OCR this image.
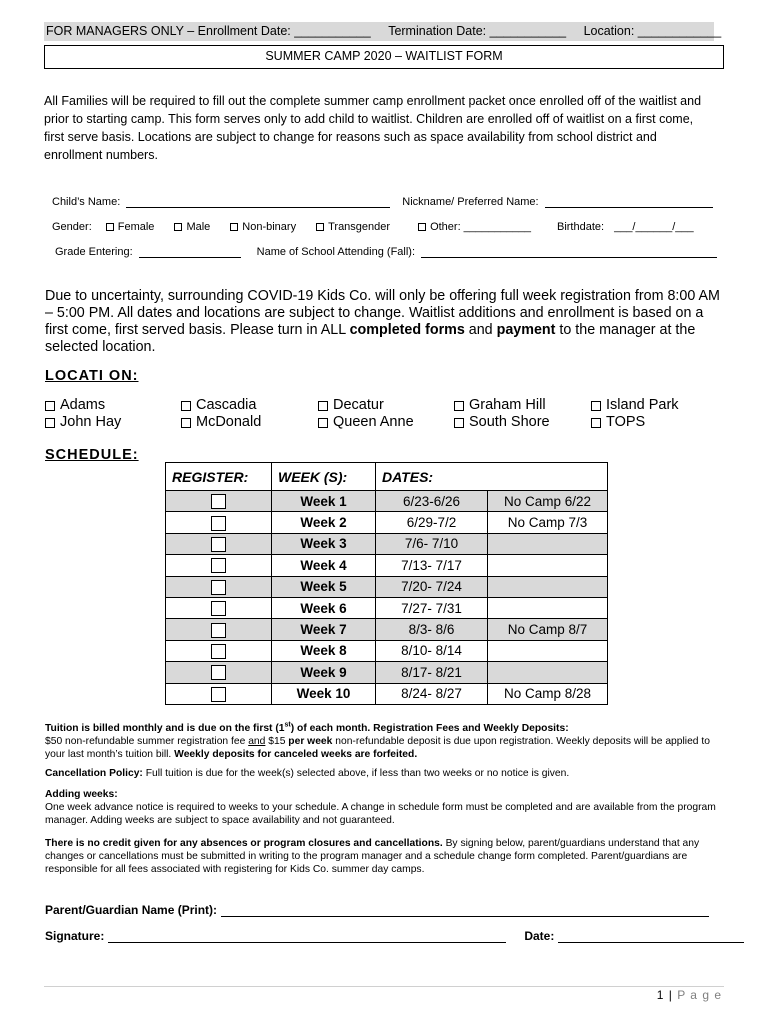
FOR MANAGERS ONLY – Enrollment Date: ___________ Termination Date: ___________ Location: ____________
SUMMER CAMP 2020 – WAITLIST FORM

All Families will be required to fill out the complete summer camp enrollment packet once enrolled off of the waitlist and prior to starting camp. This form serves only to add child to waitlist. Children are enrolled off of waitlist on a first come, first serve basis. Locations are subject to change for reasons such as space availability from school district and enrollment numbers.

Child’s Name:	Nickname/ Preferred Name:
Gender: Female	Male	Non-binary	Transgender	Other: ___________ Birthdate: ___/______/___
Grade Entering:	Name of School Attending (Fall):

Due to uncertainty, surrounding COVID-19 Kids Co. will only be offering full week registration from 8:00 AM – 5:00 PM. All dates and locations are subject to change. Waitlist additions and enrollment is based on a first come, first served basis. Please turn in ALL completed forms and payment to the manager at the selected location.

LOCATI ON:
Adams
John Hay
Cascadia
McDonald
Decatur
Queen Anne
Graham Hill
South Shore
Island Park
TOPS
SCHEDULE:
REGISTER:	WEEK (S):	DATES:	
	Week 1	6/23-6/26	No Camp 6/22
	Week 2	6/29-7/2	No Camp 7/3
	Week 3	7/6- 7/10	
	Week 4	7/13- 7/17	
	Week 5	7/20- 7/24	
	Week 6	7/27- 7/31	
	Week 7	8/3- 8/6	No Camp 8/7
	Week 8	8/10- 8/14	
	Week 9	8/17- 8/21	
	Week 10	8/24- 8/27	No Camp 8/28
Tuition is billed monthly and is due on the first (1st) of each month. Registration Fees and Weekly Deposits:
$50 non-refundable summer registration fee and $15 per week non-refundable deposit is due upon registration. Weekly deposits will be applied to your last month’s tuition bill. Weekly deposits for canceled weeks are forfeited.
Cancellation Policy: Full tuition is due for the week(s) selected above, if less than two weeks or no notice is given.
Adding weeks:
One week advance notice is required to weeks to your schedule. A change in schedule form must be completed and are available from the program manager. Adding weeks are subject to space availability and not guaranteed.
There is no credit given for any absences or program closures and cancellations. By signing below, parent/guardians understand that any changes or cancellations must be submitted in writing to the program manager and a schedule change form completed. Parent/guardians are responsible for all fees associated with registering for Kids Co. summer day camps.
Parent/Guardian Name (Print):
Signature:	Date:
1 | P a g e
